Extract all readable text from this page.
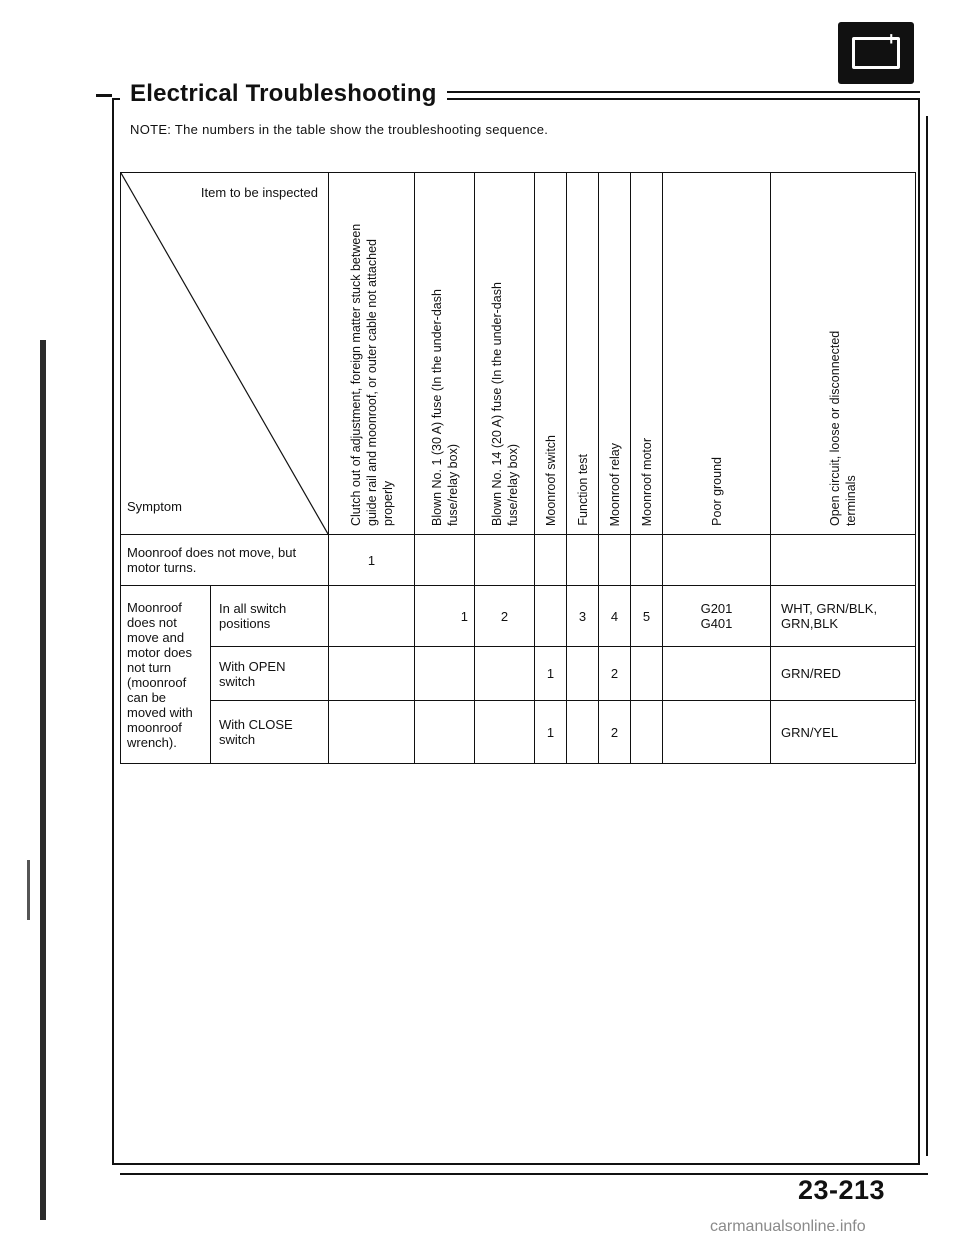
Electrical Troubleshooting
− +
NOTE: The numbers in the table show the troubleshooting sequence.
Item to be inspected
Symptom		Clutch out of adjustment, foreign matter stuck between guide rail and moonroof, or outer cable not attached properly	Blown No. 1 (30 A) fuse (In the under-dash fuse/relay box)	Blown No. 14 (20 A) fuse (In the under-dash fuse/relay box)	Moonroof switch	Function test	Moonroof relay	Moonroof motor	Poor ground	Open circuit, loose or disconnected terminals

Moonroof does not move, but motor turns.		1								
Moonroof does not move and motor does not turn (moonroof can be moved with moonroof wrench).	In all switch positions		1	2		3	4	5	G201
G401	WHT, GRN/BLK, GRN,BLK
	With OPEN switch				1		2			GRN/RED
	With CLOSE switch				1		2			GRN/YEL
23-213
carmanualsonline.info
